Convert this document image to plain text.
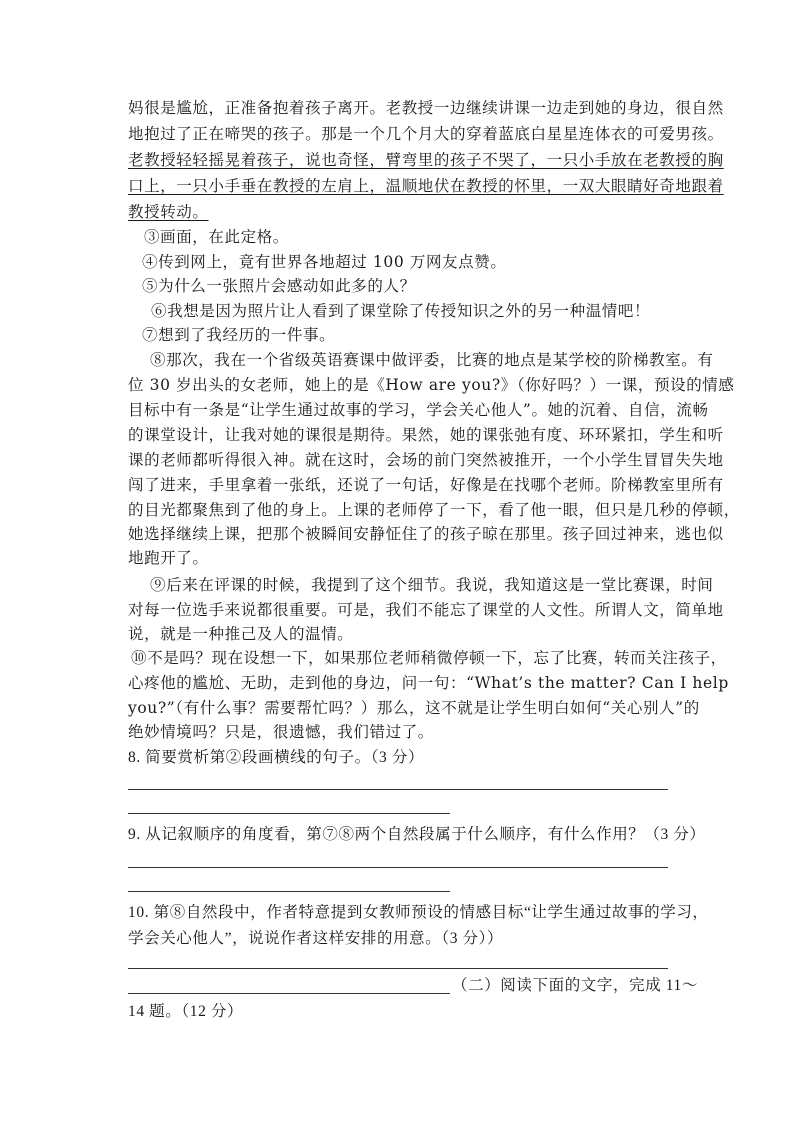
妈很是尴尬，正准备抱着孩子离开。老教授一边继续讲课一边走到她的身边，很自然
地抱过了正在啼哭的孩子。那是一个几个月大的穿着蓝底白星星连体衣的可爱男孩。
老教授轻轻摇晃着孩子，说也奇怪，臂弯里的孩子不哭了，一只小手放在老教授的胸
口上，一只小手垂在教授的左肩上，温顺地伏在教授的怀里，一双大眼睛好奇地跟着
教授转动。
③画面，在此定格。
④传到网上，竟有世界各地超过 100 万网友点赞。
⑤为什么一张照片会感动如此多的人？
⑥我想是因为照片让人看到了课堂除了传授知识之外的另一种温情吧！
⑦想到了我经历的一件事。
⑧那次，我在一个省级英语赛课中做评委，比赛的地点是某学校的阶梯教室。有
位 30 岁出头的女老师，她上的是《How are you?》（你好吗？）一课，预设的情感
目标中有一条是“让学生通过故事的学习，学会关心他人”。她的沉着、自信，流畅
的课堂设计，让我对她的课很是期待。果然，她的课张弛有度、环环紧扣，学生和听
课的老师都听得很入神。就在这时，会场的前门突然被推开，一个小学生冒冒失失地
闯了进来，手里拿着一张纸，还说了一句话，好像是在找哪个老师。阶梯教室里所有
的目光都聚焦到了他的身上。上课的老师停了一下，看了他一眼，但只是几秒的停顿，
她选择继续上课，把那个被瞬间安静怔住了的孩子晾在那里。孩子回过神来，逃也似
地跑开了。
⑨后来在评课的时候，我提到了这个细节。我说，我知道这是一堂比赛课，时间
对每一位选手来说都很重要。可是，我们不能忘了课堂的人文性。所谓人文，简单地
说，就是一种推己及人的温情。
⑩不是吗？现在设想一下，如果那位老师稍微停顿一下，忘了比赛，转而关注孩子，
心疼他的尴尬、无助，走到他的身边，问一句：“What’s the matter? Can I help
you?”（有什么事？需要帮忙吗？）那么，这不就是让学生明白如何“关心别人”的
绝妙情境吗？只是，很遗憾，我们错过了。
8. 简要赏析第②段画横线的句子。（3 分）
9. 从记叙顺序的角度看，第⑦⑧两个自然段属于什么顺序，有什么作用？（3 分）
10. 第⑧自然段中，作者特意提到女教师预设的情感目标“让学生通过故事的学习，
学会关心他人”，说说作者这样安排的用意。（3 分））
（二）阅读下面的文字，完成 11～
14 题。（12 分）
